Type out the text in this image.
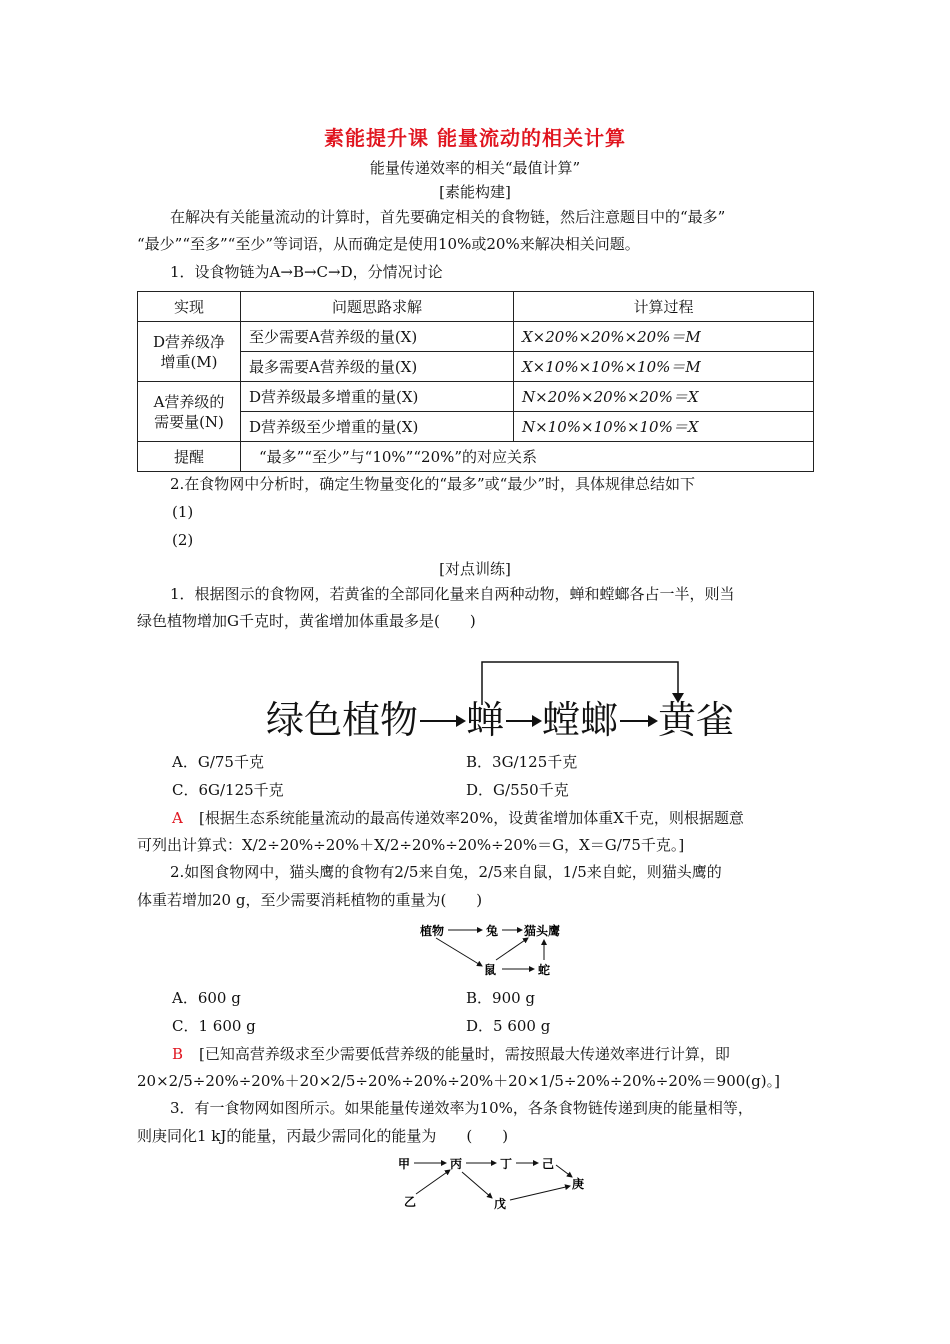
素能提升课 能量流动的相关计算
能量传递效率的相关“最值计算”
[素能构建]
在解决有关能量流动的计算时，首先要确定相关的食物链，然后注意题目中的“最多”
“最少”“至多”“至少”等词语，从而确定是使用10%或20%来解决相关问题。
1．设食物链为A→B→C→D，分情况讨论
实现	问题思路求解	计算过程

D营养级净
增重(M)	至少需要A营养级的量(X)	X×20%×20%×20%＝M
	最多需要A营养级的量(X)	X×10%×10%×10%＝M

A营养级的
需要量(N)	D营养级最多增重的量(X)	N×20%×20%×20%＝X
	D营养级至少增重的量(X)	N×10%×10%×10%＝X
提醒	“最多”“至少”与“10%”“20%”的对应关系	
2.在食物网中分析时，确定生物量变化的“最多”或“最少”时，具体规律总结如下
(1)
(2)
[对点训练]
1．根据图示的食物网，若黄雀的全部同化量来自两种动物，蝉和螳螂各占一半，则当
绿色植物增加G千克时，黄雀增加体重最多是(　　)
绿色植物 蝉 螳螂 黄雀
A．G/75千克	B．3G/125千克
C．6G/125千克	D．G/550千克
A [根据生态系统能量流动的最高传递效率20%，设黄雀增加体重X千克，则根据题意
可列出计算式：X/2÷20%÷20%＋X/2÷20%÷20%÷20%＝G，X＝G/75千克。]
2.如图食物网中，猫头鹰的食物有2/5来自兔，2/5来自鼠，1/5来自蛇，则猫头鹰的
体重若增加20 g，至少需要消耗植物的重量为(　　)
植物	兔 猫头鹰
鼠	蛇
A．600 g	B．900 g
C．1 600 g	D．5 600 g
B [已知高营养级求至少需要低营养级的能量时，需按照最大传递效率进行计算，即
20×2/5÷20%÷20%＋20×2/5÷20%÷20%÷20%＋20×1/5÷20%÷20%÷20%＝900(g)。]
3．有一食物网如图所示。如果能量传递效率为10%，各条食物链传递到庚的能量相等，
则庚同化1 kJ的能量，丙最少需同化的能量为　　(　　)
甲	丙	丁 己
庚
乙	戊
